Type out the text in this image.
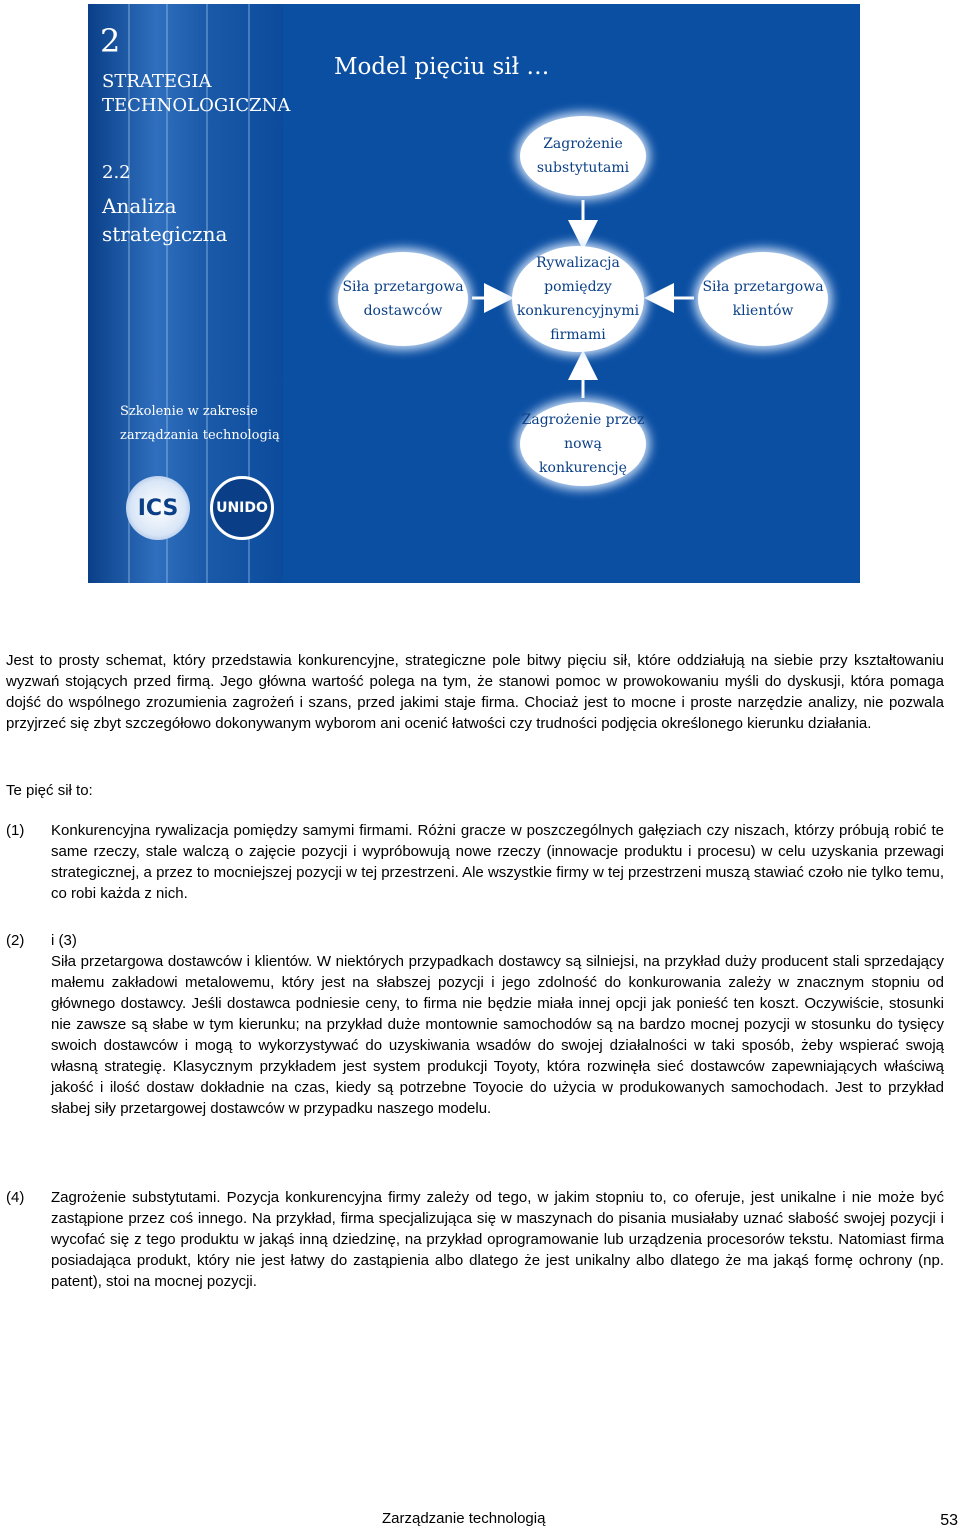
2
STRATEGIA TECHNOLOGICZNA
2.2
Analiza strategiczna
Szkolenie w zakresie zarządzania technologią
ICS	UNIDO
Model pięciu sił …
Zagrożenie substytutami
Siła przetargowa dostawców
Rywalizacja pomiędzy konkurencyjnymi firmami
Siła przetargowa klientów
Zagrożenie przez nową konkurencję
Jest to prosty schemat, który przedstawia konkurencyjne, strategiczne pole bitwy pięciu sił, które oddziałują na siebie przy kształtowaniu wyzwań stojących przed firmą. Jego główna wartość polega na tym, że stanowi pomoc w prowokowaniu myśli do dyskusji, która pomaga dojść do wspólnego zrozumienia zagrożeń i szans, przed jakimi staje firma. Chociaż jest to mocne i proste narzędzie analizy, nie pozwala przyjrzeć się zbyt szczegółowo dokonywanym wyborom ani ocenić łatwości czy trudności podjęcia określonego kierunku działania.
Te pięć sił to:
(1) Konkurencyjna rywalizacja pomiędzy samymi firmami. Różni gracze w poszczególnych gałęziach czy niszach, którzy próbują robić te same rzeczy, stale walczą o zajęcie pozycji i wypróbowują nowe rzeczy (innowacje produktu i procesu) w celu uzyskania przewagi strategicznej, a przez to mocniejszej pozycji w tej przestrzeni. Ale wszystkie firmy w tej przestrzeni muszą stawiać czoło nie tylko temu, co robi każda z nich.
(2) i (3)
Siła przetargowa dostawców i klientów. W niektórych przypadkach dostawcy są silniejsi, na przykład duży producent stali sprzedający małemu zakładowi metalowemu, który jest na słabszej pozycji i jego zdolność do konkurowania zależy w znacznym stopniu od głównego dostawcy. Jeśli dostawca podniesie ceny, to firma nie będzie miała innej opcji jak ponieść ten koszt. Oczywiście, stosunki nie zawsze są słabe w tym kierunku; na przykład duże montownie samochodów są na bardzo mocnej pozycji w stosunku do tysięcy swoich dostawców i mogą to wykorzystywać do uzyskiwania wsadów do swojej działalności w taki sposób, żeby wspierać swoją własną strategię. Klasycznym przykładem jest system produkcji Toyoty, która rozwinęła sieć dostawców zapewniających właściwą jakość i ilość dostaw dokładnie na czas, kiedy są potrzebne Toyocie do użycia w produkowanych samochodach. Jest to przykład słabej siły przetargowej dostawców w przypadku naszego modelu.
(4) Zagrożenie substytutami. Pozycja konkurencyjna firmy zależy od tego, w jakim stopniu to, co oferuje, jest unikalne i nie może być zastąpione przez coś innego. Na przykład, firma specjalizująca się w maszynach do pisania musiałaby uznać słabość swojej pozycji i wycofać się z tego produktu w jakąś inną dziedzinę, na przykład oprogramowanie lub urządzenia procesorów tekstu. Natomiast firma posiadająca produkt, który nie jest łatwy do zastąpienia albo dlatego że jest unikalny albo dlatego że ma jakąś formę ochrony (np. patent), stoi na mocnej pozycji.
Zarządzanie technologią	53
